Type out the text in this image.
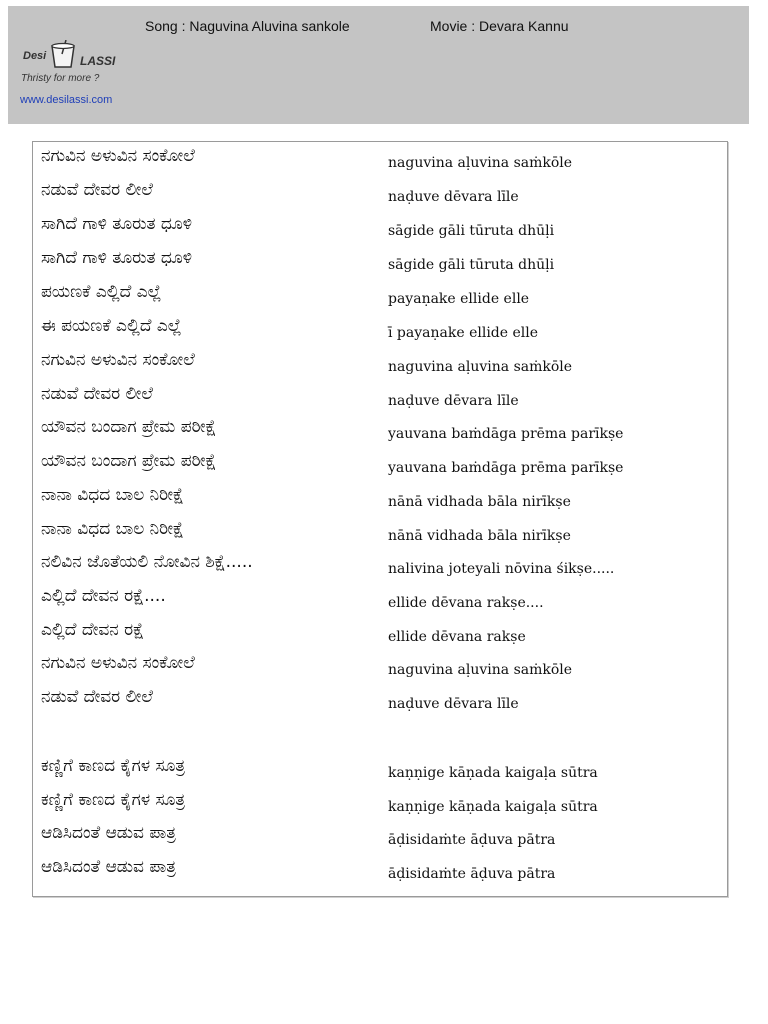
Song : Naguvina Aluvina sankole	Movie : Devara Kannu
Desi	LASSI
Thristy for more ?
www.desilassi.com
ನಗುವಿನ ಅಳುವಿನ ಸಂಕೋಲೆ	naguvina aḷuvina saṁkōle
ನಡುವೆ ದೇವರ ಲೀಲೆ	naḍuve dēvara līle
ಸಾಗಿದೆ ಗಾಳಿ ತೂರುತ ಧೂಳಿ	sāgide gāli tūruta dhūḷi
ಸಾಗಿದೆ ಗಾಳಿ ತೂರುತ ಧೂಳಿ	sāgide gāli tūruta dhūḷi
ಪಯಣಕೆ ಎಲ್ಲಿದೆ ಎಲ್ಲೆ	payaṇake ellide elle
ಈ ಪಯಣಕೆ ಎಲ್ಲಿದೆ ಎಲ್ಲೆ	ī payaṇake ellide elle
ನಗುವಿನ ಅಳುವಿನ ಸಂಕೋಲೆ	naguvina aḷuvina saṁkōle
ನಡುವೆ ದೇವರ ಲೀಲೆ	naḍuve dēvara līle
ಯೌವನ ಬಂದಾಗ ಪ್ರೇಮ ಪರೀಕ್ಷೆ	yauvana baṁdāga prēma parīkṣe
ಯೌವನ ಬಂದಾಗ ಪ್ರೇಮ ಪರೀಕ್ಷೆ	yauvana baṁdāga prēma parīkṣe
ನಾನಾ ವಿಧದ ಬಾಲ ನಿರೀಕ್ಷೆ	nānā vidhada bāla nirīkṣe
ನಾನಾ ವಿಧದ ಬಾಲ ನಿರೀಕ್ಷೆ	nānā vidhada bāla nirīkṣe
ನಲಿವಿನ ಜೊತೆಯಲಿ ನೋವಿನ ಶಿಕ್ಷೆ.....	nalivina joteyali nōvina śikṣe.....
ಎಲ್ಲಿದೆ ದೇವನ ರಕ್ಷೆ....	ellide dēvana rakṣe....
ಎಲ್ಲಿದೆ ದೇವನ ರಕ್ಷೆ	ellide dēvana rakṣe
ನಗುವಿನ ಅಳುವಿನ ಸಂಕೋಲೆ	naguvina aḷuvina saṁkōle
ನಡುವೆ ದೇವರ ಲೀಲೆ	naḍuve dēvara līle
ಕಣ್ಣಿಗೆ ಕಾಣದ ಕೈಗಳ ಸೂತ್ರ	kaṇṇige kāṇada kaigaḷa sūtra
ಕಣ್ಣಿಗೆ ಕಾಣದ ಕೈಗಳ ಸೂತ್ರ	kaṇṇige kāṇada kaigaḷa sūtra
ಆಡಿಸಿದಂತೆ ಆಡುವ ಪಾತ್ರ	āḍisidaṁte āḍuva pātra
ಆಡಿಸಿದಂತೆ ಆಡುವ ಪಾತ್ರ	āḍisidaṁte āḍuva pātra
